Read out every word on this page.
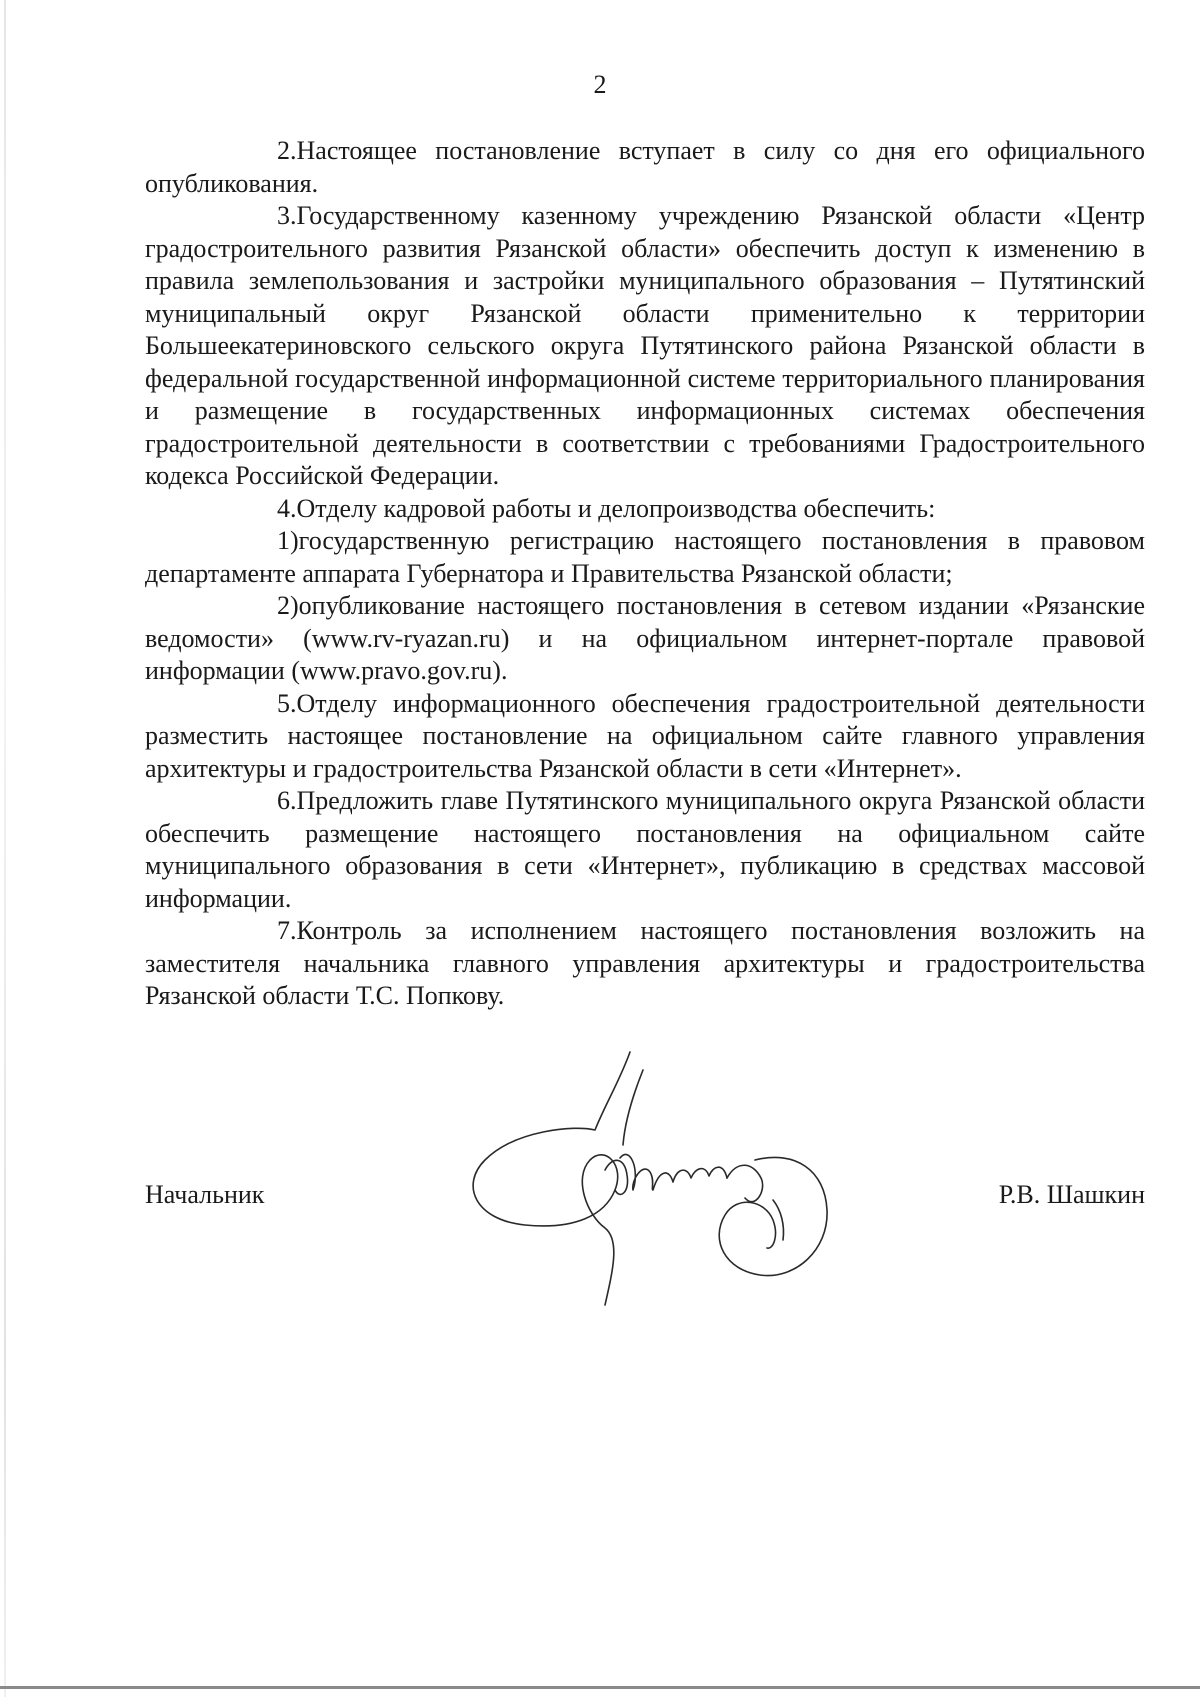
2

2.Настоящее постановление вступает в силу со дня его официального опубликования.

3.Государственному казенному учреждению Рязанской области «Центр градостроительного развития Рязанской области» обеспечить доступ к изменению в правила землепользования и застройки муниципального образования – Путятинский муниципальный округ Рязанской области применительно к территории Большеекатериновского сельского округа Путятинского района Рязанской области в федеральной государственной информационной системе территориального планирования и размещение в государственных информационных системах обеспечения градостроительной деятельности в соответствии с требованиями Градостроительного кодекса Российской Федерации.

4.Отделу кадровой работы и делопроизводства обеспечить:

1)государственную регистрацию настоящего постановления в правовом департаменте аппарата Губернатора и Правительства Рязанской области;

2)опубликование настоящего постановления в сетевом издании «Рязанские ведомости» (www.rv-ryazan.ru) и на официальном интернет-портале правовой информации (www.pravo.gov.ru).

5.Отделу информационного обеспечения градостроительной деятельности разместить настоящее постановление на официальном сайте главного управления архитектуры и градостроительства Рязанской области в сети «Интернет».

6.Предложить главе Путятинского муниципального округа Рязанской области обеспечить размещение настоящего постановления на официальном сайте муниципального образования в сети «Интернет», публикацию в средствах массовой информации.

7.Контроль за исполнением настоящего постановления возложить на заместителя начальника главного управления архитектуры и градостроительства Рязанской области Т.С. Попкову.

Начальник	Р.В. Шашкин
